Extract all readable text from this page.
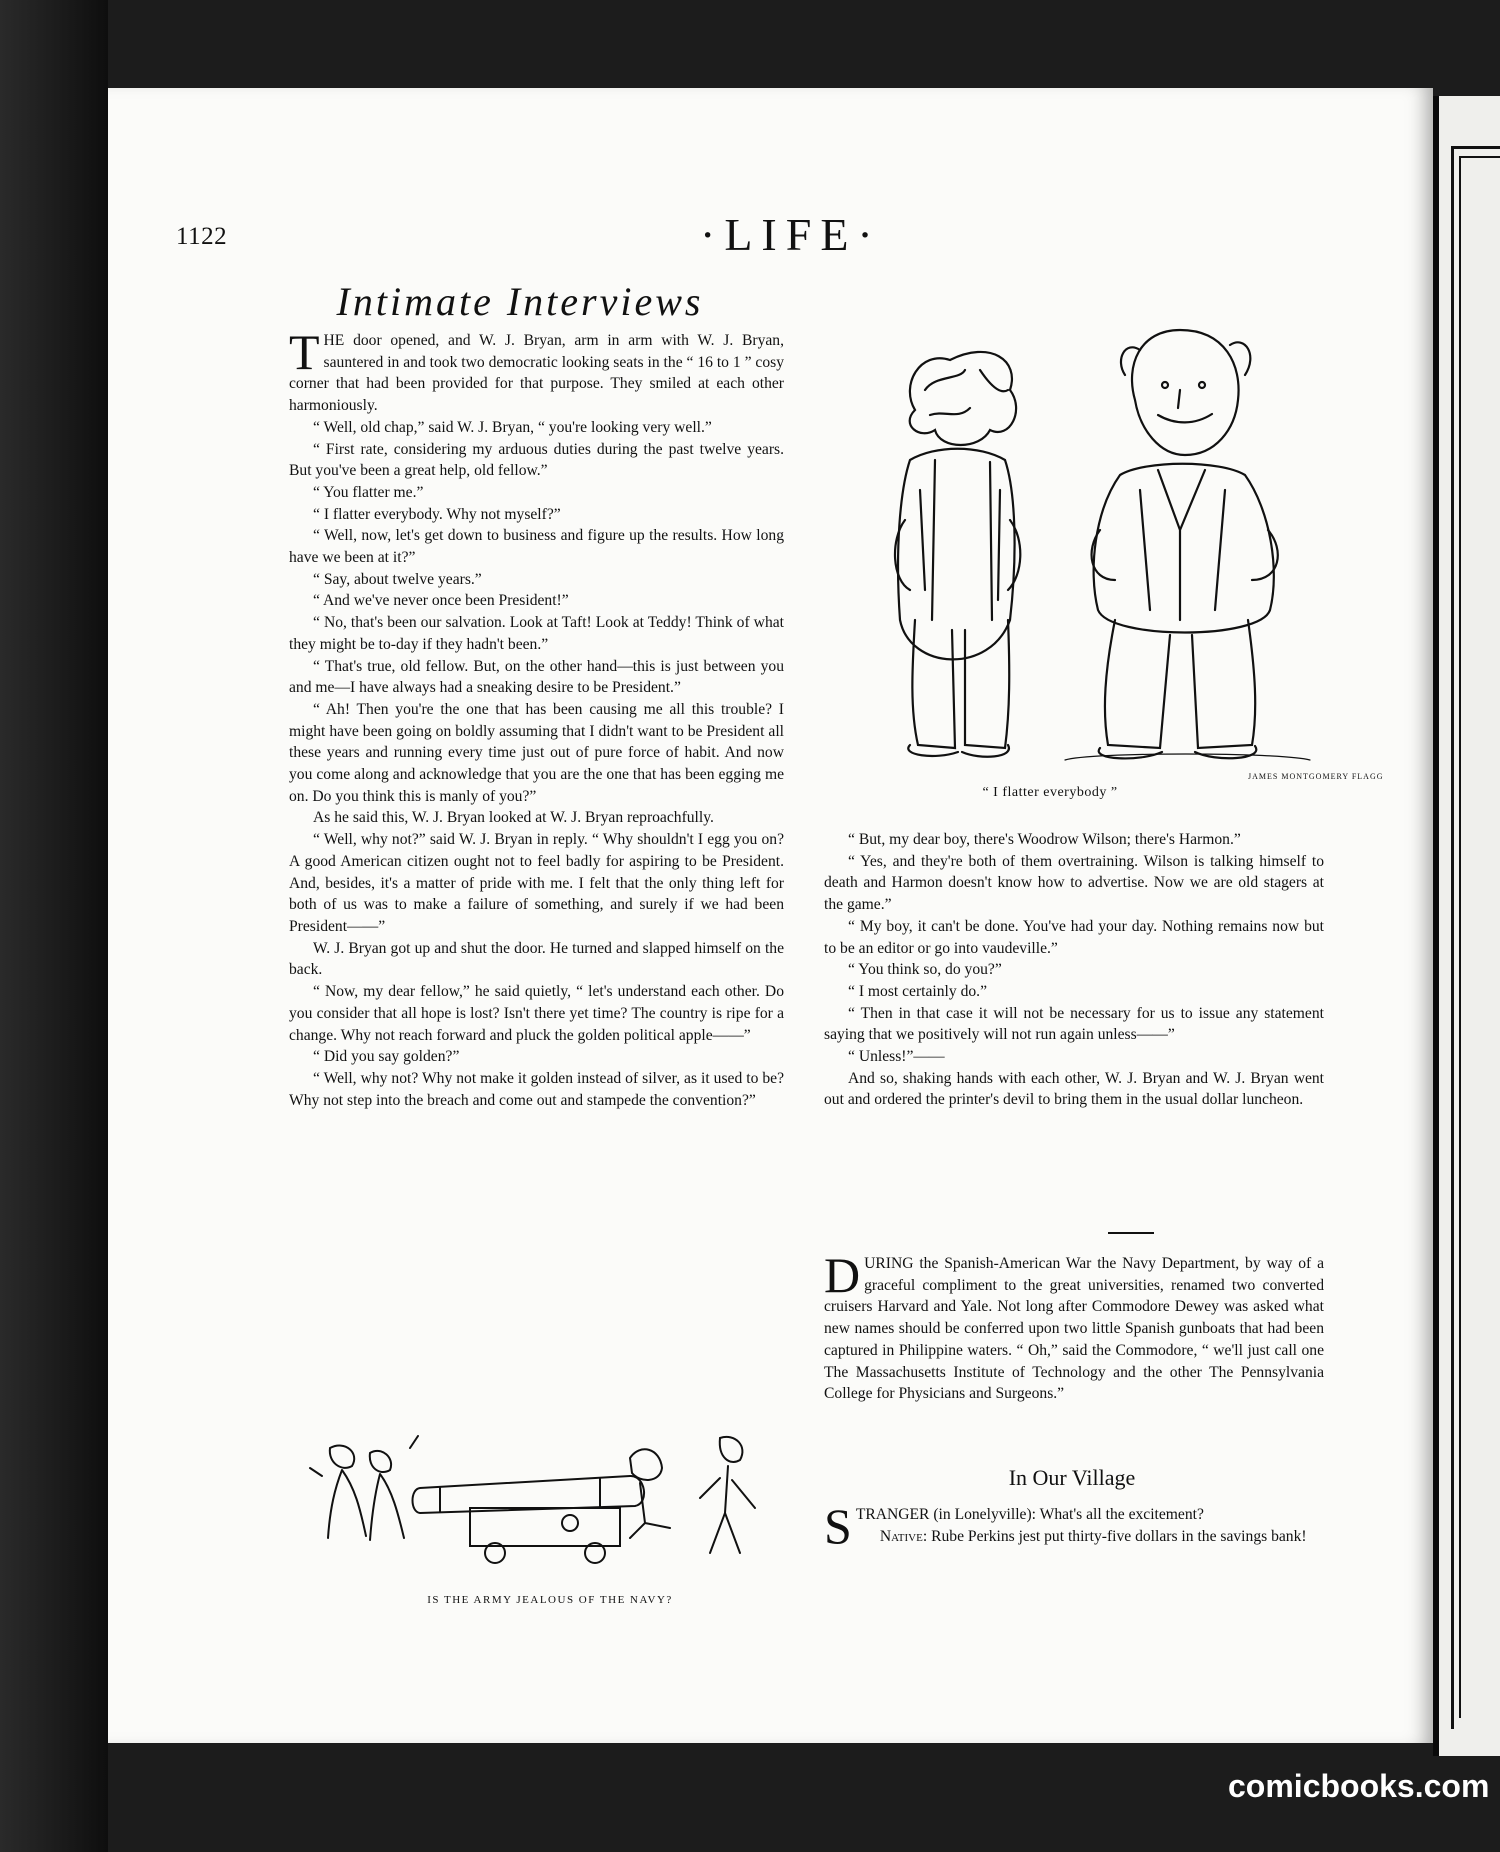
1122	·LIFE·
Intimate Interviews

THE door opened, and W. J. Bryan, arm in arm with W. J. Bryan, sauntered in and took two democratic looking seats in the “ 16 to 1 ” cosy corner that had been provided for that purpose. They smiled at each other harmoniously.

“ Well, old chap,” said W. J. Bryan, “ you're looking very well.”

“ First rate, considering my arduous duties during the past twelve years. But you've been a great help, old fellow.”

“ You flatter me.”

“ I flatter everybody. Why not myself?”

“ Well, now, let's get down to business and figure up the results. How long have we been at it?”

“ Say, about twelve years.”

“ And we've never once been President!”

“ No, that's been our salvation. Look at Taft! Look at Teddy! Think of what they might be to-day if they hadn't been.”

“ That's true, old fellow. But, on the other hand—this is just between you and me—I have always had a sneaking desire to be President.”

“ Ah! Then you're the one that has been causing me all this trouble? I might have been going on boldly assuming that I didn't want to be President all these years and running every time just out of pure force of habit. And now you come along and acknowledge that you are the one that has been egging me on. Do you think this is manly of you?”

As he said this, W. J. Bryan looked at W. J. Bryan reproachfully.

“ Well, why not?” said W. J. Bryan in reply. “ Why shouldn't I egg you on? A good American citizen ought not to feel badly for aspiring to be President. And, besides, it's a matter of pride with me. I felt that the only thing left for both of us was to make a failure of something, and surely if we had been President——”

W. J. Bryan got up and shut the door. He turned and slapped himself on the back.

“ Now, my dear fellow,” he said quietly, “ let's understand each other. Do you consider that all hope is lost? Isn't there yet time? The country is ripe for a change. Why not reach forward and pluck the golden political apple——”

“ Did you say golden?”

“ Well, why not? Why not make it golden instead of silver, as it used to be? Why not step into the breach and come out and stampede the convention?”

“ I flatter everybody ”
JAMES MONTGOMERY FLAGG

“ But, my dear boy, there's Woodrow Wilson; there's Harmon.”

“ Yes, and they're both of them overtraining. Wilson is talking himself to death and Harmon doesn't know how to advertise. Now we are old stagers at the game.”

“ My boy, it can't be done. You've had your day. Nothing remains now but to be an editor or go into vaudeville.”

“ You think so, do you?”

“ I most certainly do.”

“ Then in that case it will not be necessary for us to issue any statement saying that we positively will not run again unless——”

“ Unless!”——

And so, shaking hands with each other, W. J. Bryan and W. J. Bryan went out and ordered the printer's devil to bring them in the usual dollar luncheon.

DURING the Spanish-American War the Navy Department, by way of a graceful compliment to the great universities, renamed two converted cruisers Harvard and Yale. Not long after Commodore Dewey was asked what new names should be conferred upon two little Spanish gunboats that had been captured in Philippine waters. “ Oh,” said the Commodore, “ we'll just call one The Massachusetts Institute of Technology and the other The Pennsylvania College for Physicians and Surgeons.”

In Our Village

STRANGER (in Lonelyville): What's all the excitement?

Native: Rube Perkins jest put thirty-five dollars in the savings bank!

IS THE ARMY JEALOUS OF THE NAVY?
comicbooks.com
